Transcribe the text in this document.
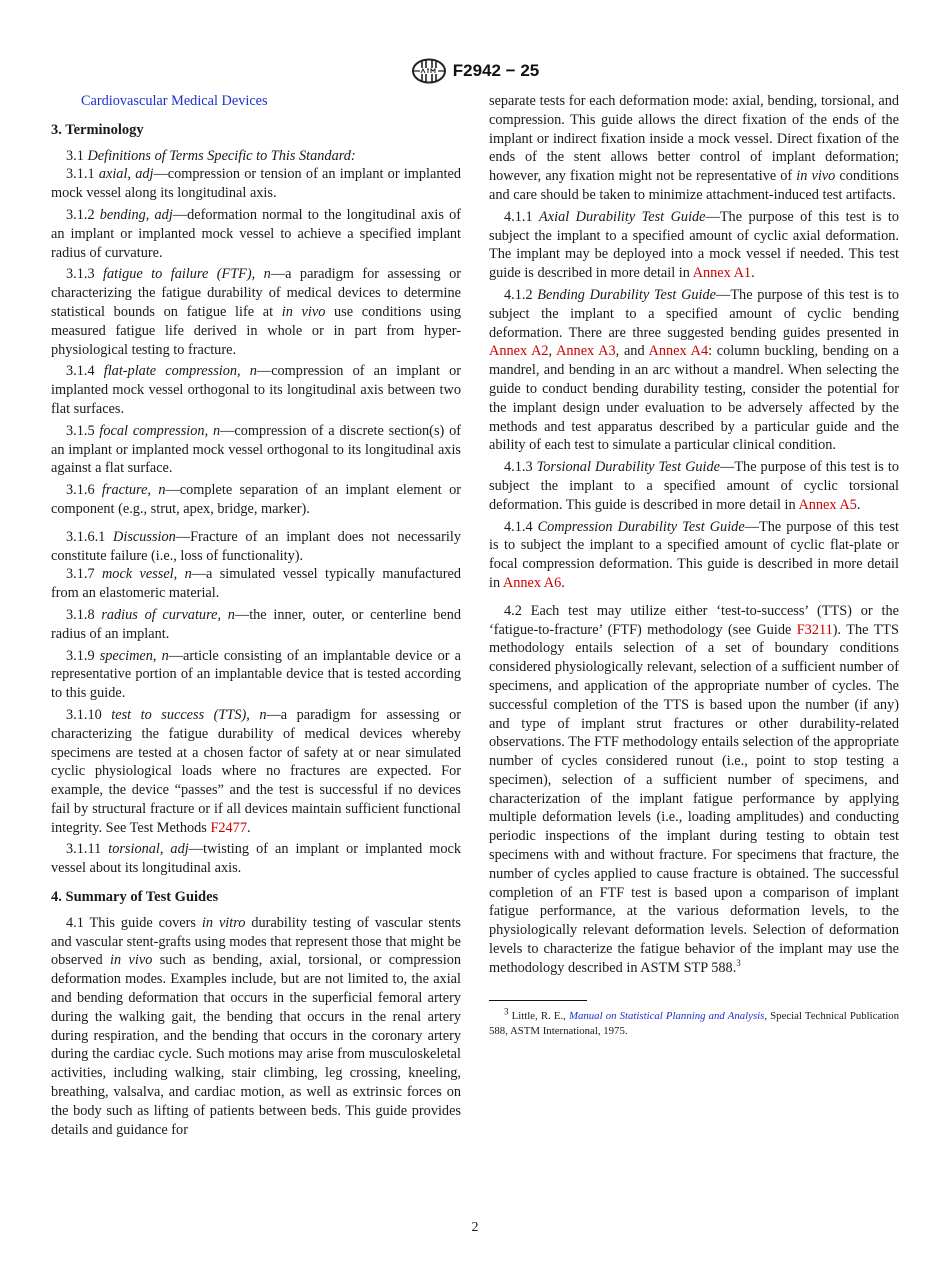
F2942 − 25

Cardiovascular Medical Devices

3. Terminology

3.1 Definitions of Terms Specific to This Standard:

3.1.1 axial, adj—compression or tension of an implant or implanted mock vessel along its longitudinal axis.

3.1.2 bending, adj—deformation normal to the longitudinal axis of an implant or implanted mock vessel to achieve a specified implant radius of curvature.

3.1.3 fatigue to failure (FTF), n—a paradigm for assessing or characterizing the fatigue durability of medical devices to determine statistical bounds on fatigue life at in vivo use conditions using measured fatigue life derived in whole or in part from hyper-physiological testing to fracture.

3.1.4 flat-plate compression, n—compression of an implant or implanted mock vessel orthogonal to its longitudinal axis between two flat surfaces.

3.1.5 focal compression, n—compression of a discrete section(s) of an implant or implanted mock vessel orthogonal to its longitudinal axis against a flat surface.

3.1.6 fracture, n—complete separation of an implant element or component (e.g., strut, apex, bridge, marker).

3.1.6.1 Discussion—Fracture of an implant does not necessarily constitute failure (i.e., loss of functionality).

3.1.7 mock vessel, n—a simulated vessel typically manufactured from an elastomeric material.

3.1.8 radius of curvature, n—the inner, outer, or centerline bend radius of an implant.

3.1.9 specimen, n—article consisting of an implantable device or a representative portion of an implantable device that is tested according to this guide.

3.1.10 test to success (TTS), n—a paradigm for assessing or characterizing the fatigue durability of medical devices whereby specimens are tested at a chosen factor of safety at or near simulated cyclic physiological loads where no fractures are expected. For example, the device “passes” and the test is successful if no devices fail by structural fracture or if all devices maintain sufficient functional integrity. See Test Methods F2477.

3.1.11 torsional, adj—twisting of an implant or implanted mock vessel about its longitudinal axis.

4. Summary of Test Guides

4.1 This guide covers in vitro durability testing of vascular stents and vascular stent-grafts using modes that represent those that might be observed in vivo such as bending, axial, torsional, or compression deformation modes. Examples include, but are not limited to, the axial and bending deformation that occurs in the superficial femoral artery during the walking gait, the bending that occurs in the renal artery during respiration, and the bending that occurs in the coronary artery during the cardiac cycle. Such motions may arise from musculoskeletal activities, including walking, stair climbing, leg crossing, kneeling, breathing, valsalva, and cardiac motion, as well as extrinsic forces on the body such as lifting of patients between beds. This guide provides details and guidance for

separate tests for each deformation mode: axial, bending, torsional, and compression. This guide allows the direct fixation of the ends of the implant or indirect fixation inside a mock vessel. Direct fixation of the ends of the stent allows better control of implant deformation; however, any fixation might not be representative of in vivo conditions and care should be taken to minimize attachment-induced test artifacts.

4.1.1 Axial Durability Test Guide—The purpose of this test is to subject the implant to a specified amount of cyclic axial deformation. The implant may be deployed into a mock vessel if needed. This test guide is described in more detail in Annex A1.

4.1.2 Bending Durability Test Guide—The purpose of this test is to subject the implant to a specified amount of cyclic bending deformation. There are three suggested bending guides presented in Annex A2, Annex A3, and Annex A4: column buckling, bending on a mandrel, and bending in an arc without a mandrel. When selecting the guide to conduct bending durability testing, consider the potential for the implant design under evaluation to be adversely affected by the methods and test apparatus described by a particular guide and the ability of each test to simulate a particular clinical condition.

4.1.3 Torsional Durability Test Guide—The purpose of this test is to subject the implant to a specified amount of cyclic torsional deformation. This guide is described in more detail in Annex A5.

4.1.4 Compression Durability Test Guide—The purpose of this test is to subject the implant to a specified amount of cyclic flat-plate or focal compression deformation. This guide is described in more detail in Annex A6.

4.2 Each test may utilize either ‘test-to-success’ (TTS) or the ‘fatigue-to-fracture’ (FTF) methodology (see Guide F3211). The TTS methodology entails selection of a set of boundary conditions considered physiologically relevant, selection of a sufficient number of specimens, and application of the appropriate number of cycles. The successful completion of the TTS is based upon the number (if any) and type of implant strut fractures or other durability-related observations. The FTF methodology entails selection of the appropriate number of cycles considered runout (i.e., point to stop testing a specimen), selection of a sufficient number of specimens, and characterization of the implant fatigue performance by applying multiple deformation levels (i.e., loading amplitudes) and conducting periodic inspections of the implant during testing to obtain test specimens with and without fracture. For specimens that fracture, the number of cycles applied to cause fracture is obtained. The successful completion of an FTF test is based upon a comparison of implant fatigue performance, at the various deformation levels, to the physiologically relevant deformation levels. Selection of deformation levels to characterize the fatigue behavior of the implant may use the methodology described in ASTM STP 588.$^3$

$^3$ Little, R. E., Manual on Statistical Planning and Analysis, Special Technical Publication 588, ASTM International, 1975.

2
